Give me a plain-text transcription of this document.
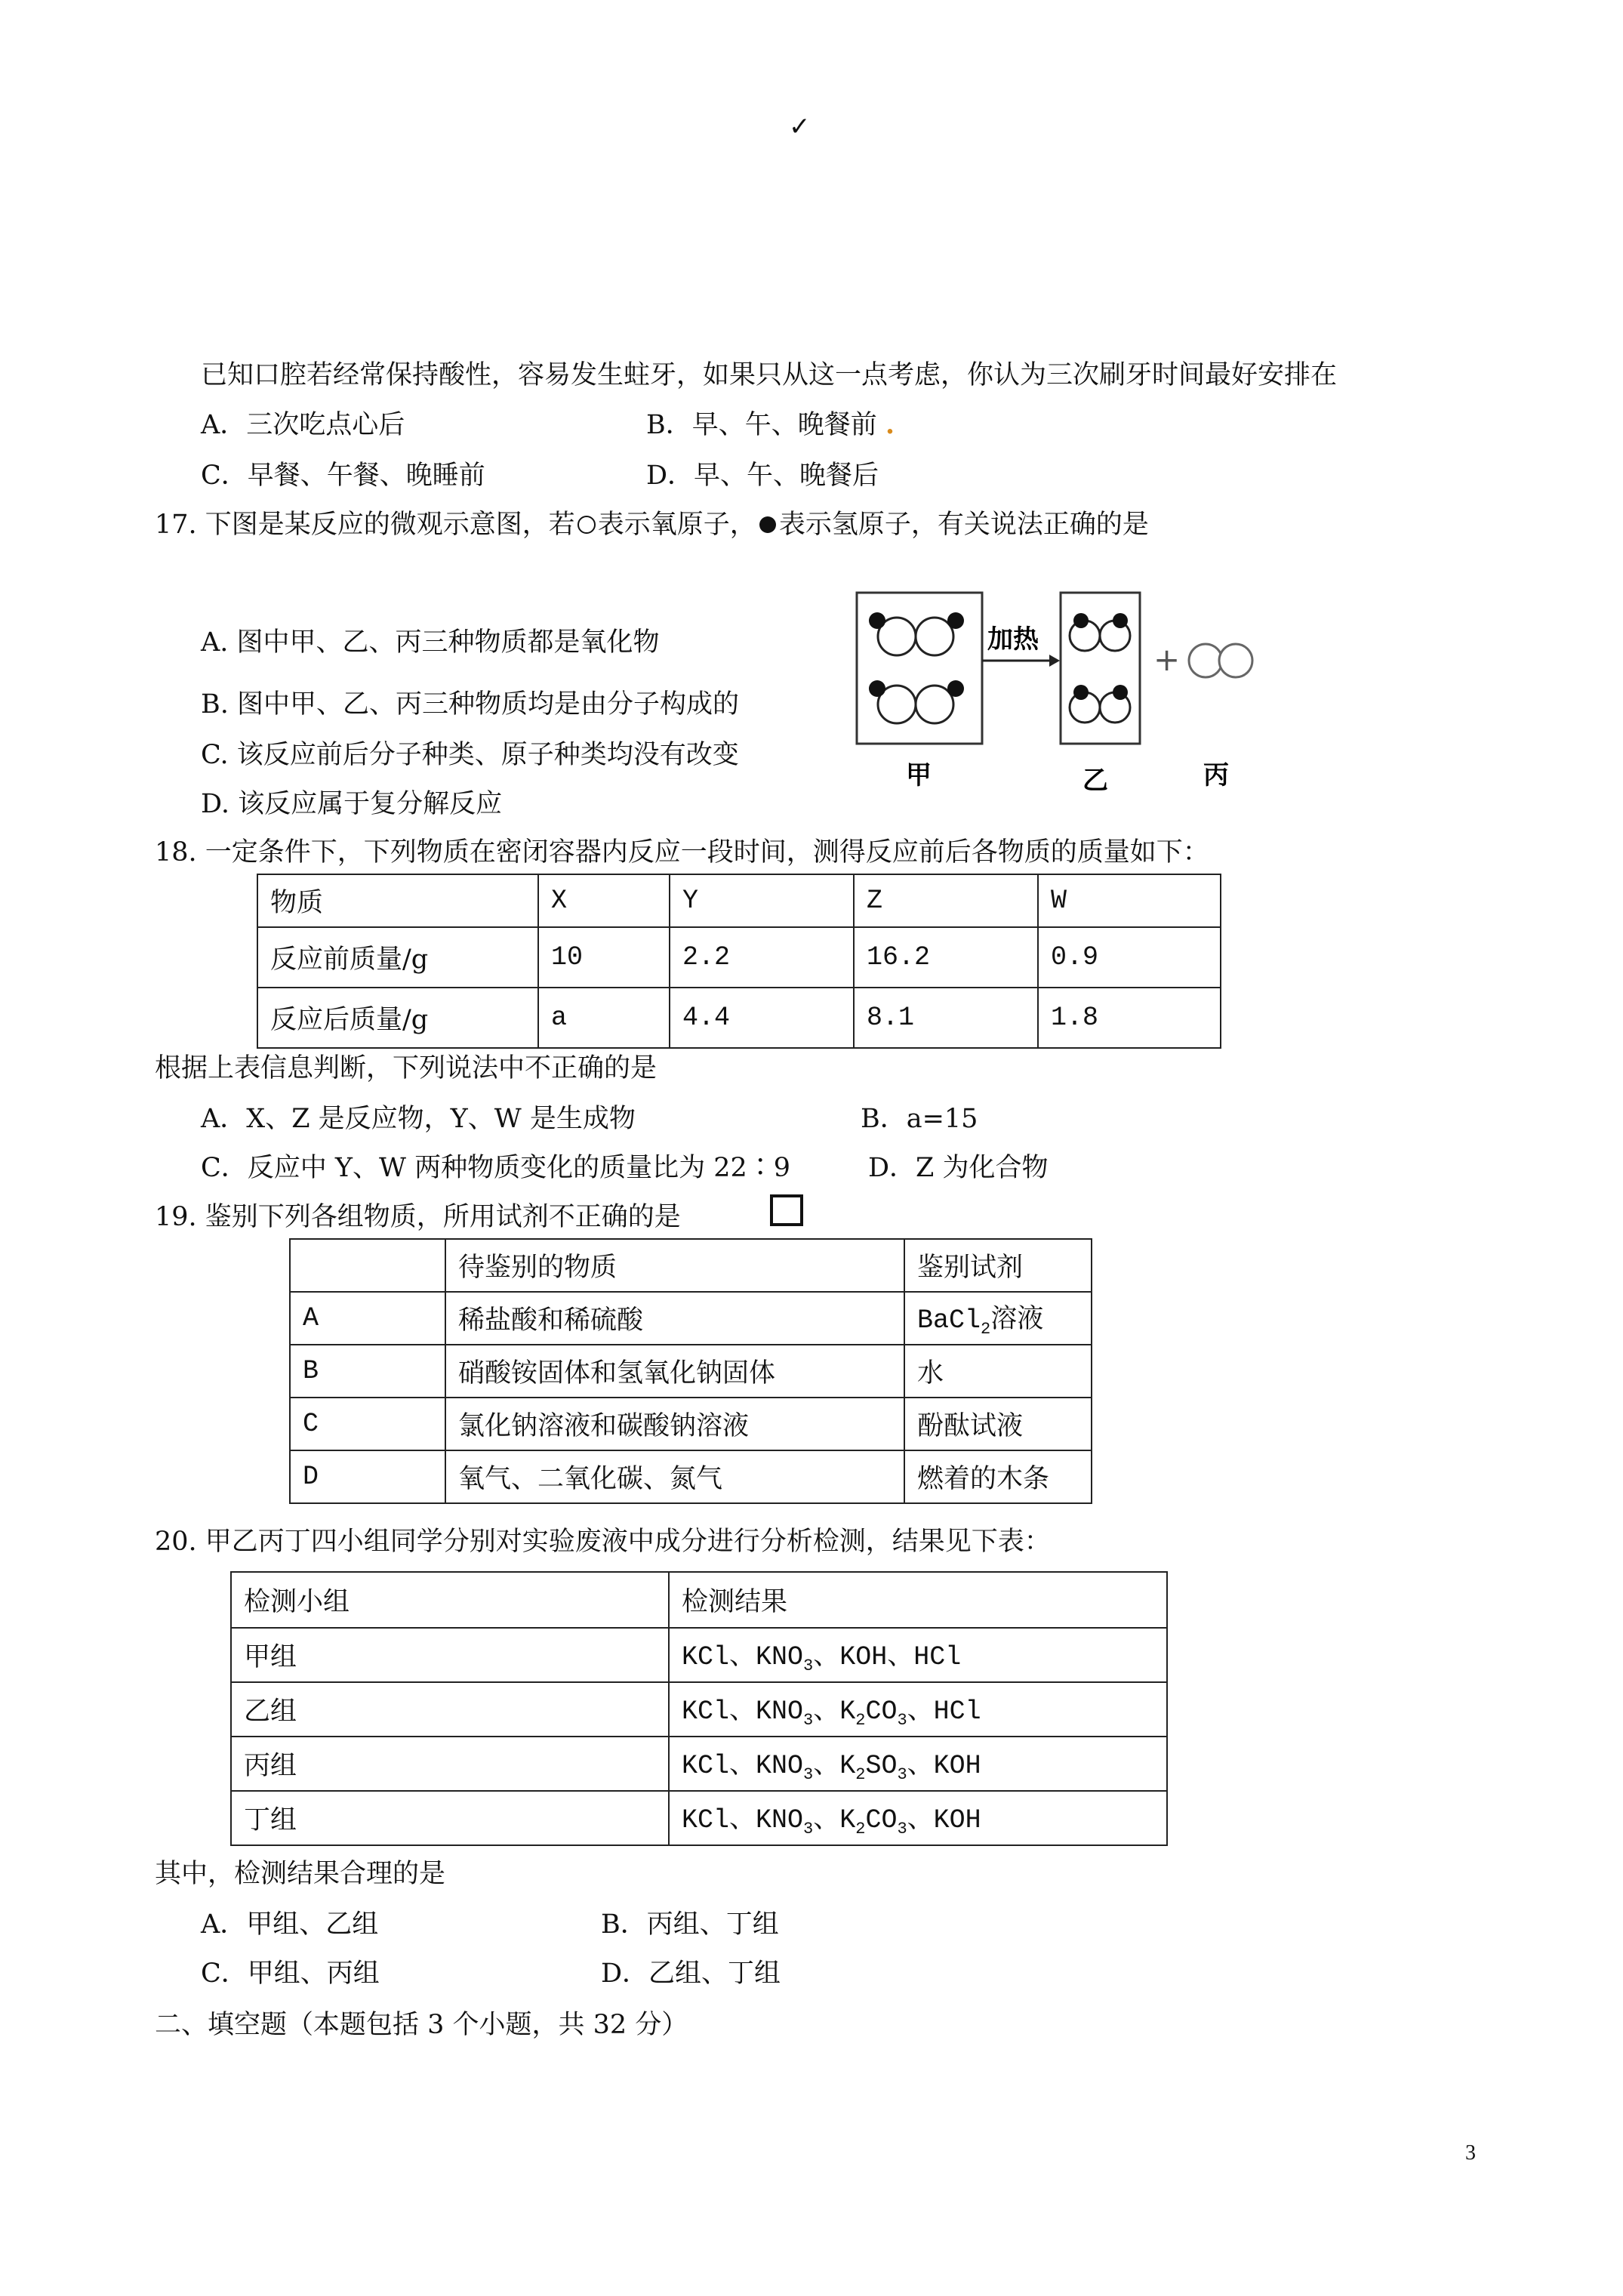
✓
已知口腔若经常保持酸性，容易发生蛀牙，如果只从这一点考虑，你认为三次刷牙时间最好安排在
A．三次吃点心后	B．早、午、晚餐前 .
C．早餐、午餐、晚睡前	D．早、午、晚餐后
17. 下图是某反应的微观示意图，若 表示氧原子， 表示氢原子，有关说法正确的是
A. 图中甲、乙、丙三种物质都是氧化物
B. 图中甲、乙、丙三种物质均是由分子构成的
C. 该反应前后分子种类、原子种类均没有改变
D. 该反应属于复分解反应
加热
+
甲	乙	丙
18. 一定条件下，下列物质在密闭容器内反应一段时间，测得反应前后各物质的质量如下：
物质	X	Y	Z	W
反应前质量/g	10	2.2	16.2	0.9
反应后质量/g	a	4.4	8.1	1.8
根据上表信息判断，下列说法中不正确的是
A．X、Z 是反应物，Y、W 是生成物	B．a=15
C．反应中 Y、W 两种物质变化的质量比为 22∶9	D．Z 为化合物
19. 鉴别下列各组物质，所用试剂不正确的是
	待鉴别的物质	鉴别试剂
A	稀盐酸和稀硫酸	BaCl$_2$溶液
B	硝酸铵固体和氢氧化钠固体	水
C	氯化钠溶液和碳酸钠溶液	酚酞试液
D	氧气、二氧化碳、氮气	燃着的木条
20. 甲乙丙丁四小组同学分别对实验废液中成分进行分析检测，结果见下表：
检测小组	检测结果
甲组	KCl、$KNO_3$、KOH、HCl
乙组	KCl、$KNO_3$、$K_2CO_3$、HCl
丙组	KCl、$KNO_3$、$K_2SO_3$、KOH
丁组	KCl、$KNO_3$、$K_2CO_3$、KOH
其中，检测结果合理的是
A．甲组、乙组	B．丙组、丁组
C．甲组、丙组	D．乙组、丁组
二、填空题（本题包括 3 个小题，共 32 分）
3
